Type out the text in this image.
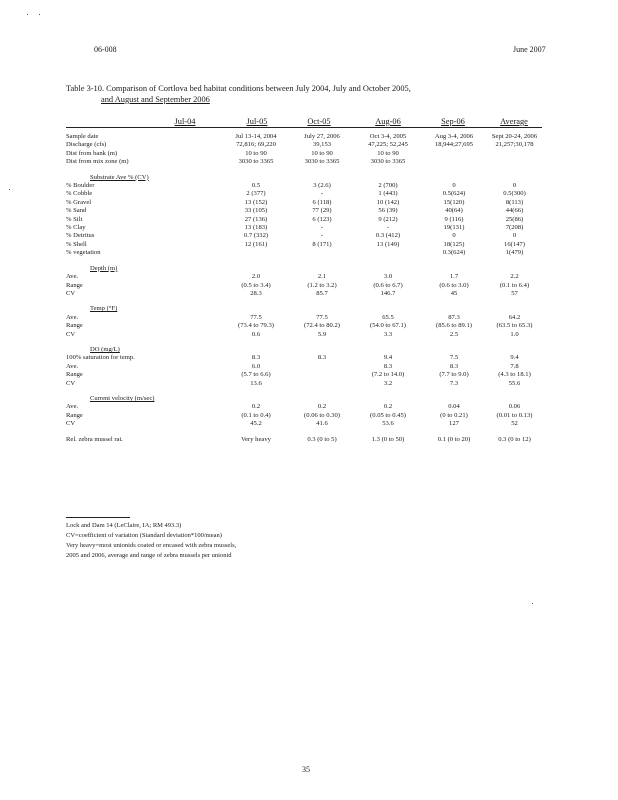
06-008	June 2007
Table 3-10. Comparison of Cortlova bed habitat conditions between July 2004, July and October 2005,
and August and September 2006
Jul-04	Jul-05	Oct-05	Aug-06	Sep-06	Average
Sample date		Jul 13-14, 2004	July 27, 2006	Oct 3-4, 2005	Aug 3-4, 2006	Sept 20-24, 2006	
Discharge (cfs)		72,816; 69,220	39,153	47,225; 52,245	18,944;27,695	21,257;30,178	
Dist from bank (m)		10 to 90	10 to 90	10 to 90			
Dist from mix zone (m)		3030 to 3365	3030 to 3365	3030 to 3365			

Substrate Ave % (CV)							
% Boulder		0.5	3 (2.6)	2 (700)	0	0	
% Cobble		2 (377)	-	1 (443)	0.5(624)	0.5(300)	
% Gravel		13 (152)	6 (118)	10 (142)	15(120)	8(113)	
% Sand		33 (105)	77 (29)	56 (39)	40(64)	44(66)	
% Silt		27 (136)	6 (123)	9 (212)	9 (116)	25(86)	
% Clay		13 (183)	-	-	19(131)	7(208)	
% Detritus		0.7 (332)	-	0.3 (412)	0	0	
% Shell		12 (161)	8 (171)	13 (149)	18(125)	16(147)	
% vegetation					0.3(624)	1(479)	

Depth (m)							
Ave.		2.0	2.1	3.0	1.7	2.2	
Range		(0.5 to 3.4)	(1.2 to 3.2)	(0.6 to 6.7)	(0.6 to 3.0)	(0.1 to 6.4)	
CV		28.3	85.7	146.7	45	57	

Temp (°F)							
Ave.		77.5	77.5	65.5	87.3	64.2	
Range		(73.4 to 79.3)	(72.4 to 80.2)	(54.0 to 67.1)	(85.6 to 89.1)	(63.5 to 65.3)	
CV		0.6	5.9	3.3	2.5	1.0	

DO (mg/L)							
100% saturation for temp.		8.3	8.3	9.4	7.5	9.4	
Ave.		6.0		8.3	8.3	7.8	
Range		(5.7 to 6.6)		(7.2 to 14.0)	(7.7 to 9.0)	(4.3 to 18.1)	
CV		13.6		3.2	7.3	55.6	

Current velocity (m/sec)							
Ave.		0.2	0.2	0.2	0.04	0.06	
Range		(0.1 to 0.4)	(0.06 to 0.30)	(0.05 to 0.45)	(0 to 0.21)	(0.01 to 0.13)	
CV		45.2	41.6	53.6	127	52	

Rel. zebra mussel rat.		Very heavy	0.3 (0 to 5)	1.3 (0 to 50)	0.1 (0 to 20)	0.3 (0 to 12)	
Lock and Dam 14 (LeClaire, IA; RM 493.3)
CV=coefficient of variation (Standard deviation*100/mean)
Very heavy=most unionids coated or encased with zebra mussels,
2005 and 2006, average and range of zebra mussels per unionid
35
